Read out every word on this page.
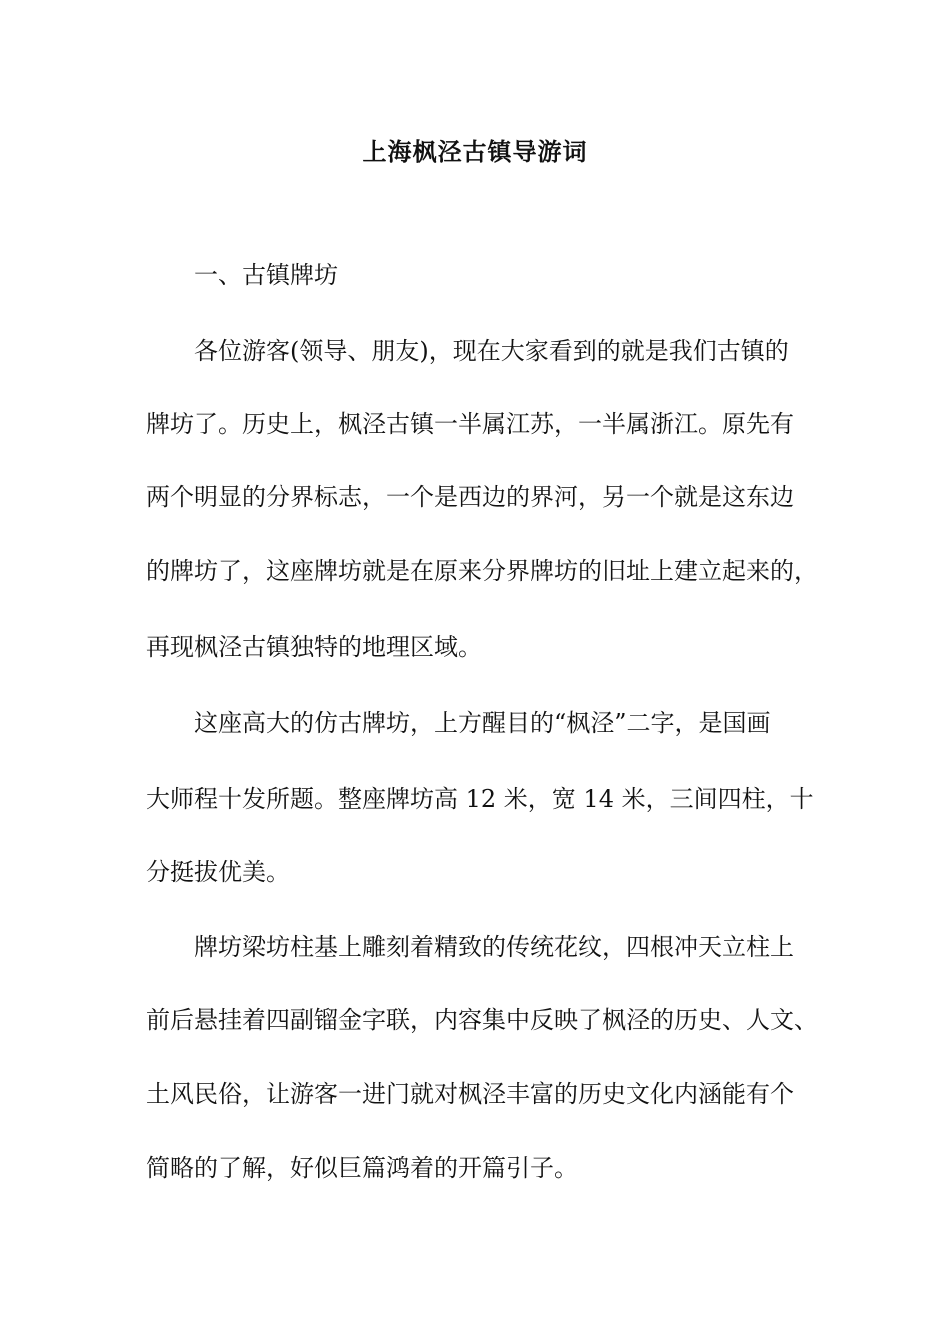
上海枫泾古镇导游词
一、古镇牌坊
各位游客(领导、朋友)，现在大家看到的就是我们古镇的
牌坊了。历史上，枫泾古镇一半属江苏，一半属浙江。原先有
两个明显的分界标志，一个是西边的界河，另一个就是这东边
的牌坊了，这座牌坊就是在原来分界牌坊的旧址上建立起来的，
再现枫泾古镇独特的地理区域。
这座高大的仿古牌坊，上方醒目的“枫泾”二字，是国画
大师程十发所题。整座牌坊高 12 米，宽 14 米，三间四柱，十
分挺拔优美。
牌坊梁坊柱基上雕刻着精致的传统花纹，四根冲天立柱上
前后悬挂着四副镏金字联，内容集中反映了枫泾的历史、人文、
土风民俗，让游客一进门就对枫泾丰富的历史文化内涵能有个
简略的了解，好似巨篇鸿着的开篇引子。
